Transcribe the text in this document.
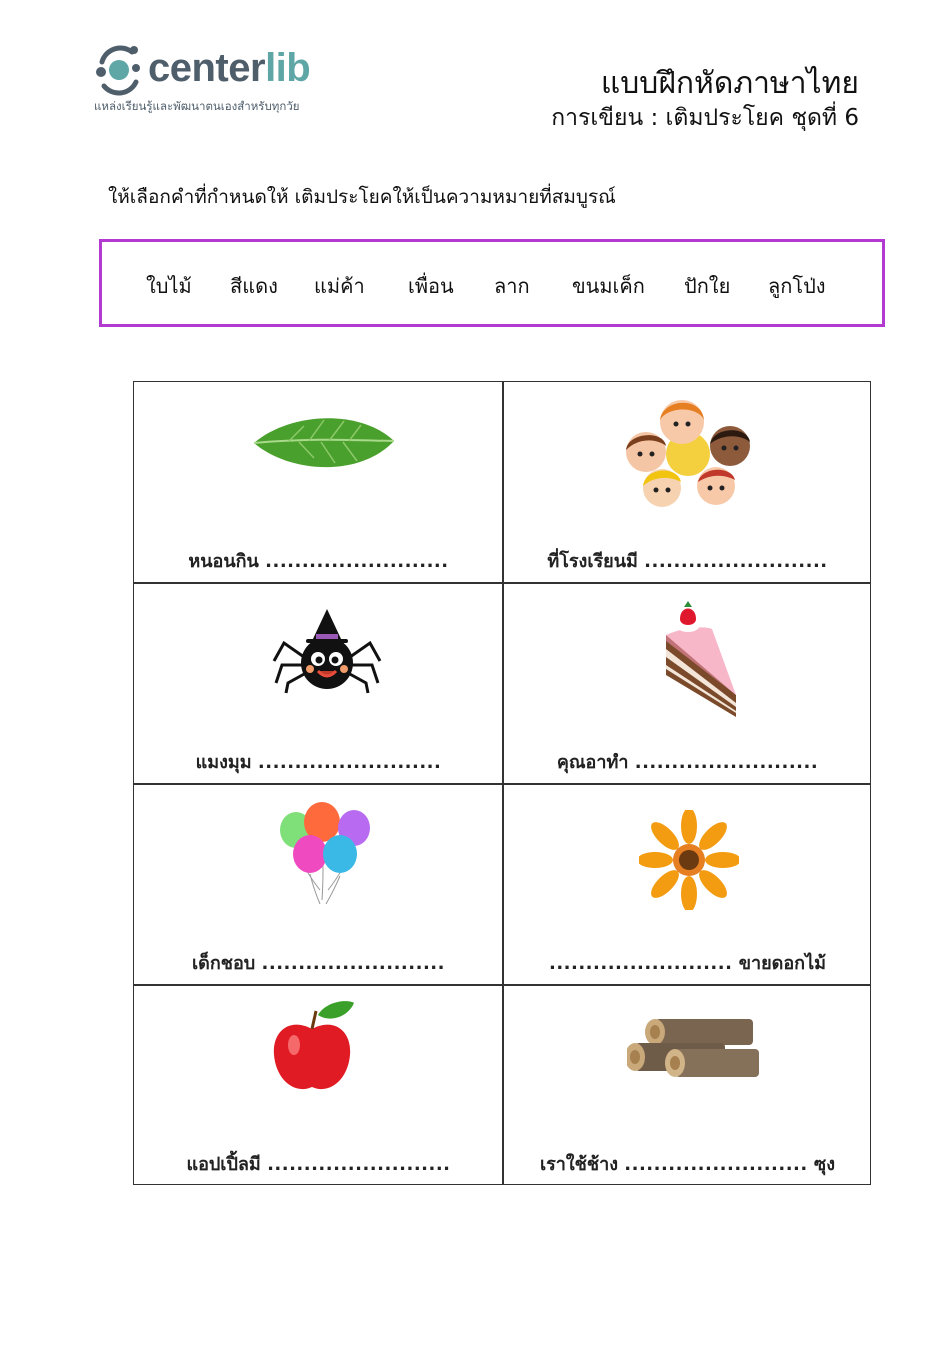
centerlib
แหล่งเรียนรู้และพัฒนาตนเองสำหรับทุกวัย
แบบฝึกหัดภาษาไทย
การเขียน : เติมประโยค ชุดที่ 6
ให้เลือกคำที่กำหนดให้ เติมประโยคให้เป็นความหมายที่สมบูรณ์
ใบไม้ สีแดง แม่ค้า เพื่อน ลาก ขนมเค็ก ปักใย ลูกโป่ง
หนอนกิน .........................	ที่โรงเรียนมี .........................
แมงมุม .........................	คุณอาทำ .........................
เด็กชอบ .........................	......................... ขายดอกไม้
แอปเปิ้ลมี .........................	เราใช้ช้าง ......................... ซุง
